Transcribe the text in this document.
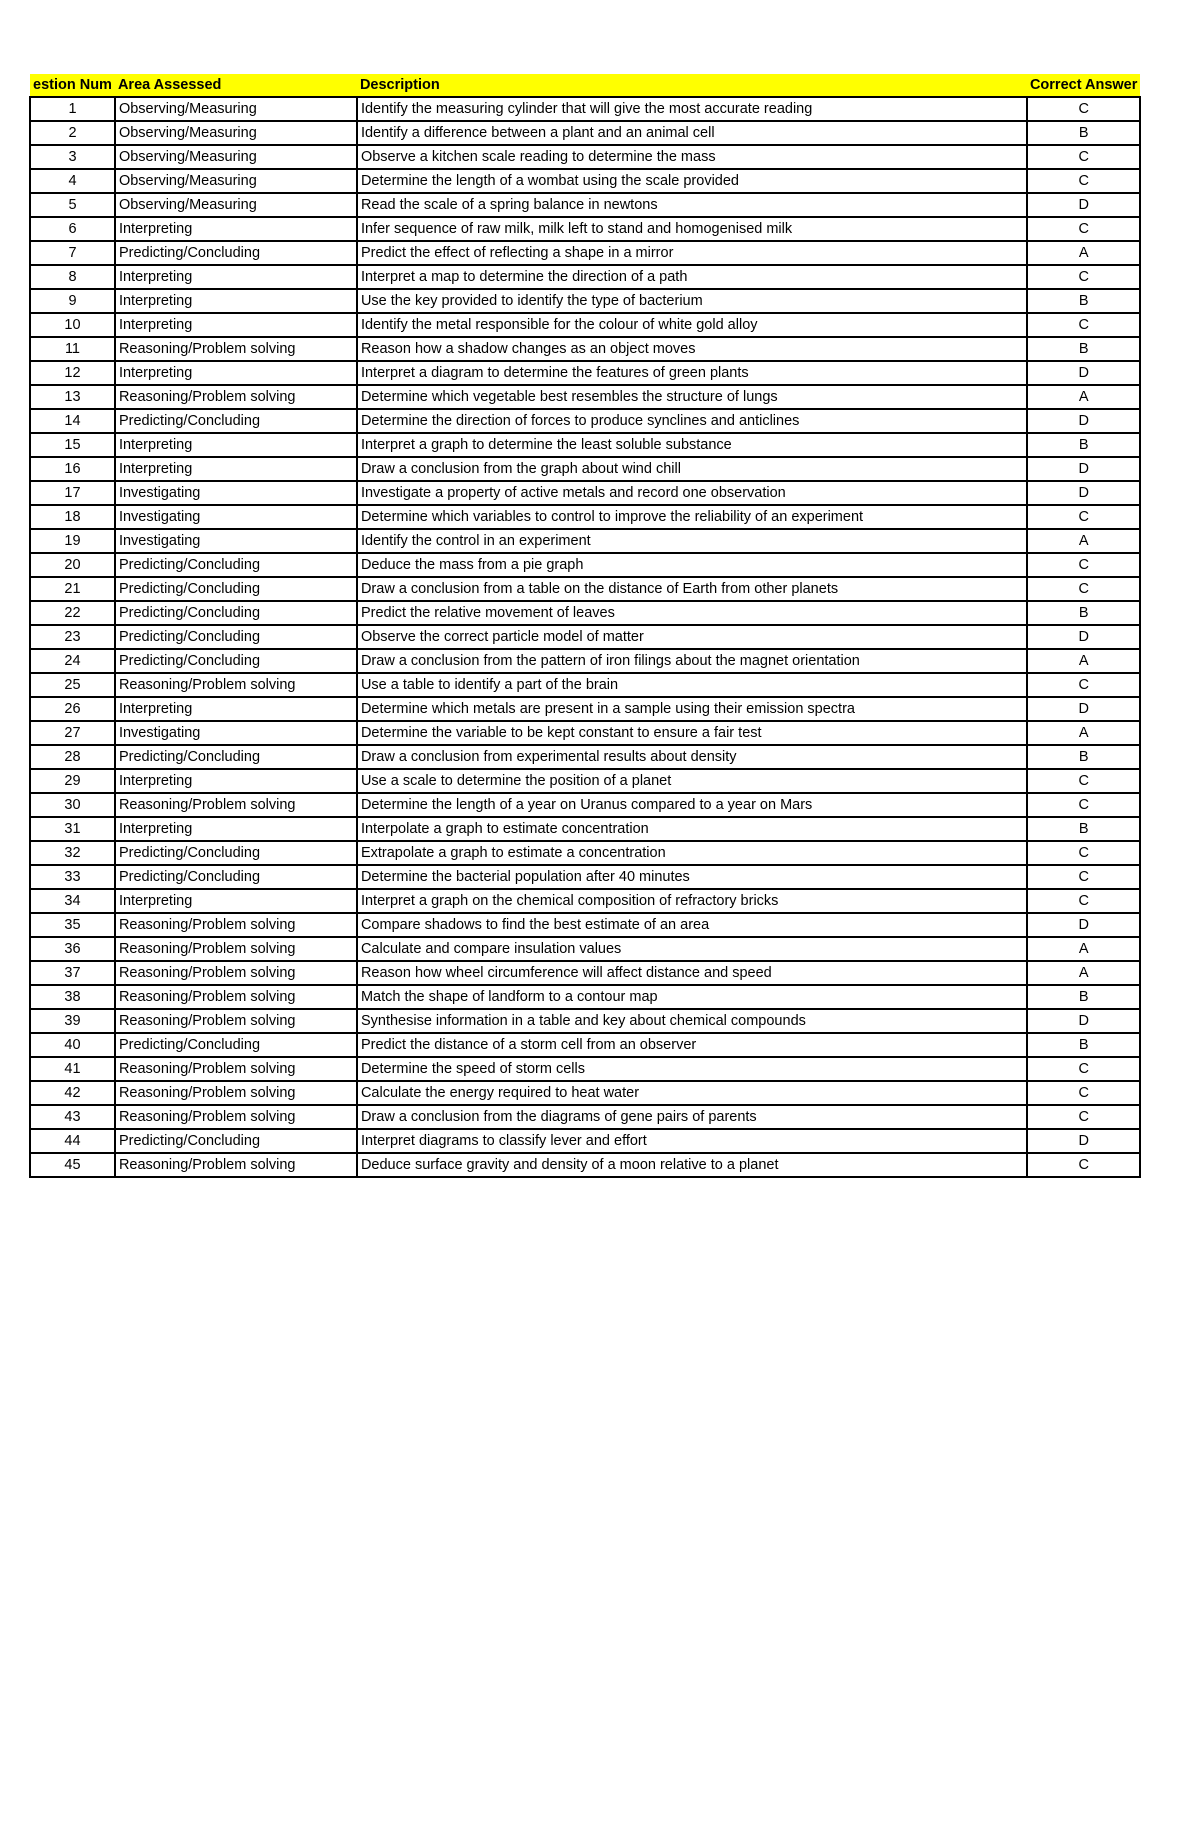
estion Num	Area Assessed	Description	Correct Answer
1	Observing/Measuring	Identify the measuring cylinder that will give the most accurate reading	C
2	Observing/Measuring	Identify a difference between a plant and an animal cell	B
3	Observing/Measuring	Observe a kitchen scale reading to determine the mass	C
4	Observing/Measuring	Determine the length of a wombat using the scale provided	C
5	Observing/Measuring	Read the scale of a spring balance in newtons	D
6	Interpreting	Infer sequence of raw milk, milk left to stand and homogenised milk	C
7	Predicting/Concluding	Predict the effect of reflecting a shape in a mirror	A
8	Interpreting	Interpret a map to determine the direction of a path	C
9	Interpreting	Use the key provided to identify the type of bacterium	B
10	Interpreting	Identify the metal responsible for the colour of white gold alloy	C
11	Reasoning/Problem solving	Reason how a shadow changes as an object moves	B
12	Interpreting	Interpret a diagram to determine the features of green plants	D
13	Reasoning/Problem solving	Determine which vegetable best resembles the structure of lungs	A
14	Predicting/Concluding	Determine the direction of forces to produce synclines and anticlines	D
15	Interpreting	Interpret a graph to determine the least soluble substance	B
16	Interpreting	Draw a conclusion from the graph about wind chill	D
17	Investigating	Investigate a property of active metals and record one observation	D
18	Investigating	Determine which variables to control to improve the reliability of an experiment	C
19	Investigating	Identify the control in an experiment	A
20	Predicting/Concluding	Deduce the mass from a pie graph	C
21	Predicting/Concluding	Draw a conclusion from a table on the distance of Earth from other planets	C
22	Predicting/Concluding	Predict the relative movement of leaves	B
23	Predicting/Concluding	Observe the correct particle model of matter	D
24	Predicting/Concluding	Draw a conclusion from the pattern of iron filings about the magnet orientation	A
25	Reasoning/Problem solving	Use a table to identify a part of the brain	C
26	Interpreting	Determine which metals are present in a sample using their emission spectra	D
27	Investigating	Determine the variable to be kept constant to ensure a fair test	A
28	Predicting/Concluding	Draw a conclusion from experimental results about density	B
29	Interpreting	Use a scale to determine the position of a planet	C
30	Reasoning/Problem solving	Determine the length of a year on Uranus compared to a year on Mars	C
31	Interpreting	Interpolate a graph to estimate concentration	B
32	Predicting/Concluding	Extrapolate a graph to estimate a concentration	C
33	Predicting/Concluding	Determine the bacterial population after 40 minutes	C
34	Interpreting	Interpret a graph on the chemical composition of refractory bricks	C
35	Reasoning/Problem solving	Compare shadows to find the best estimate of an area	D
36	Reasoning/Problem solving	Calculate and compare insulation values	A
37	Reasoning/Problem solving	Reason how wheel circumference will affect distance and speed	A
38	Reasoning/Problem solving	Match the shape of landform to a contour map	B
39	Reasoning/Problem solving	Synthesise information in a table and key about chemical compounds	D
40	Predicting/Concluding	Predict the distance of a storm cell from an observer	B
41	Reasoning/Problem solving	Determine the speed of storm cells	C
42	Reasoning/Problem solving	Calculate the energy required to heat water	C
43	Reasoning/Problem solving	Draw a conclusion from the diagrams of gene pairs of parents	C
44	Predicting/Concluding	Interpret diagrams to classify lever and effort	D
45	Reasoning/Problem solving	Deduce surface gravity and density of a moon relative to a planet	C
